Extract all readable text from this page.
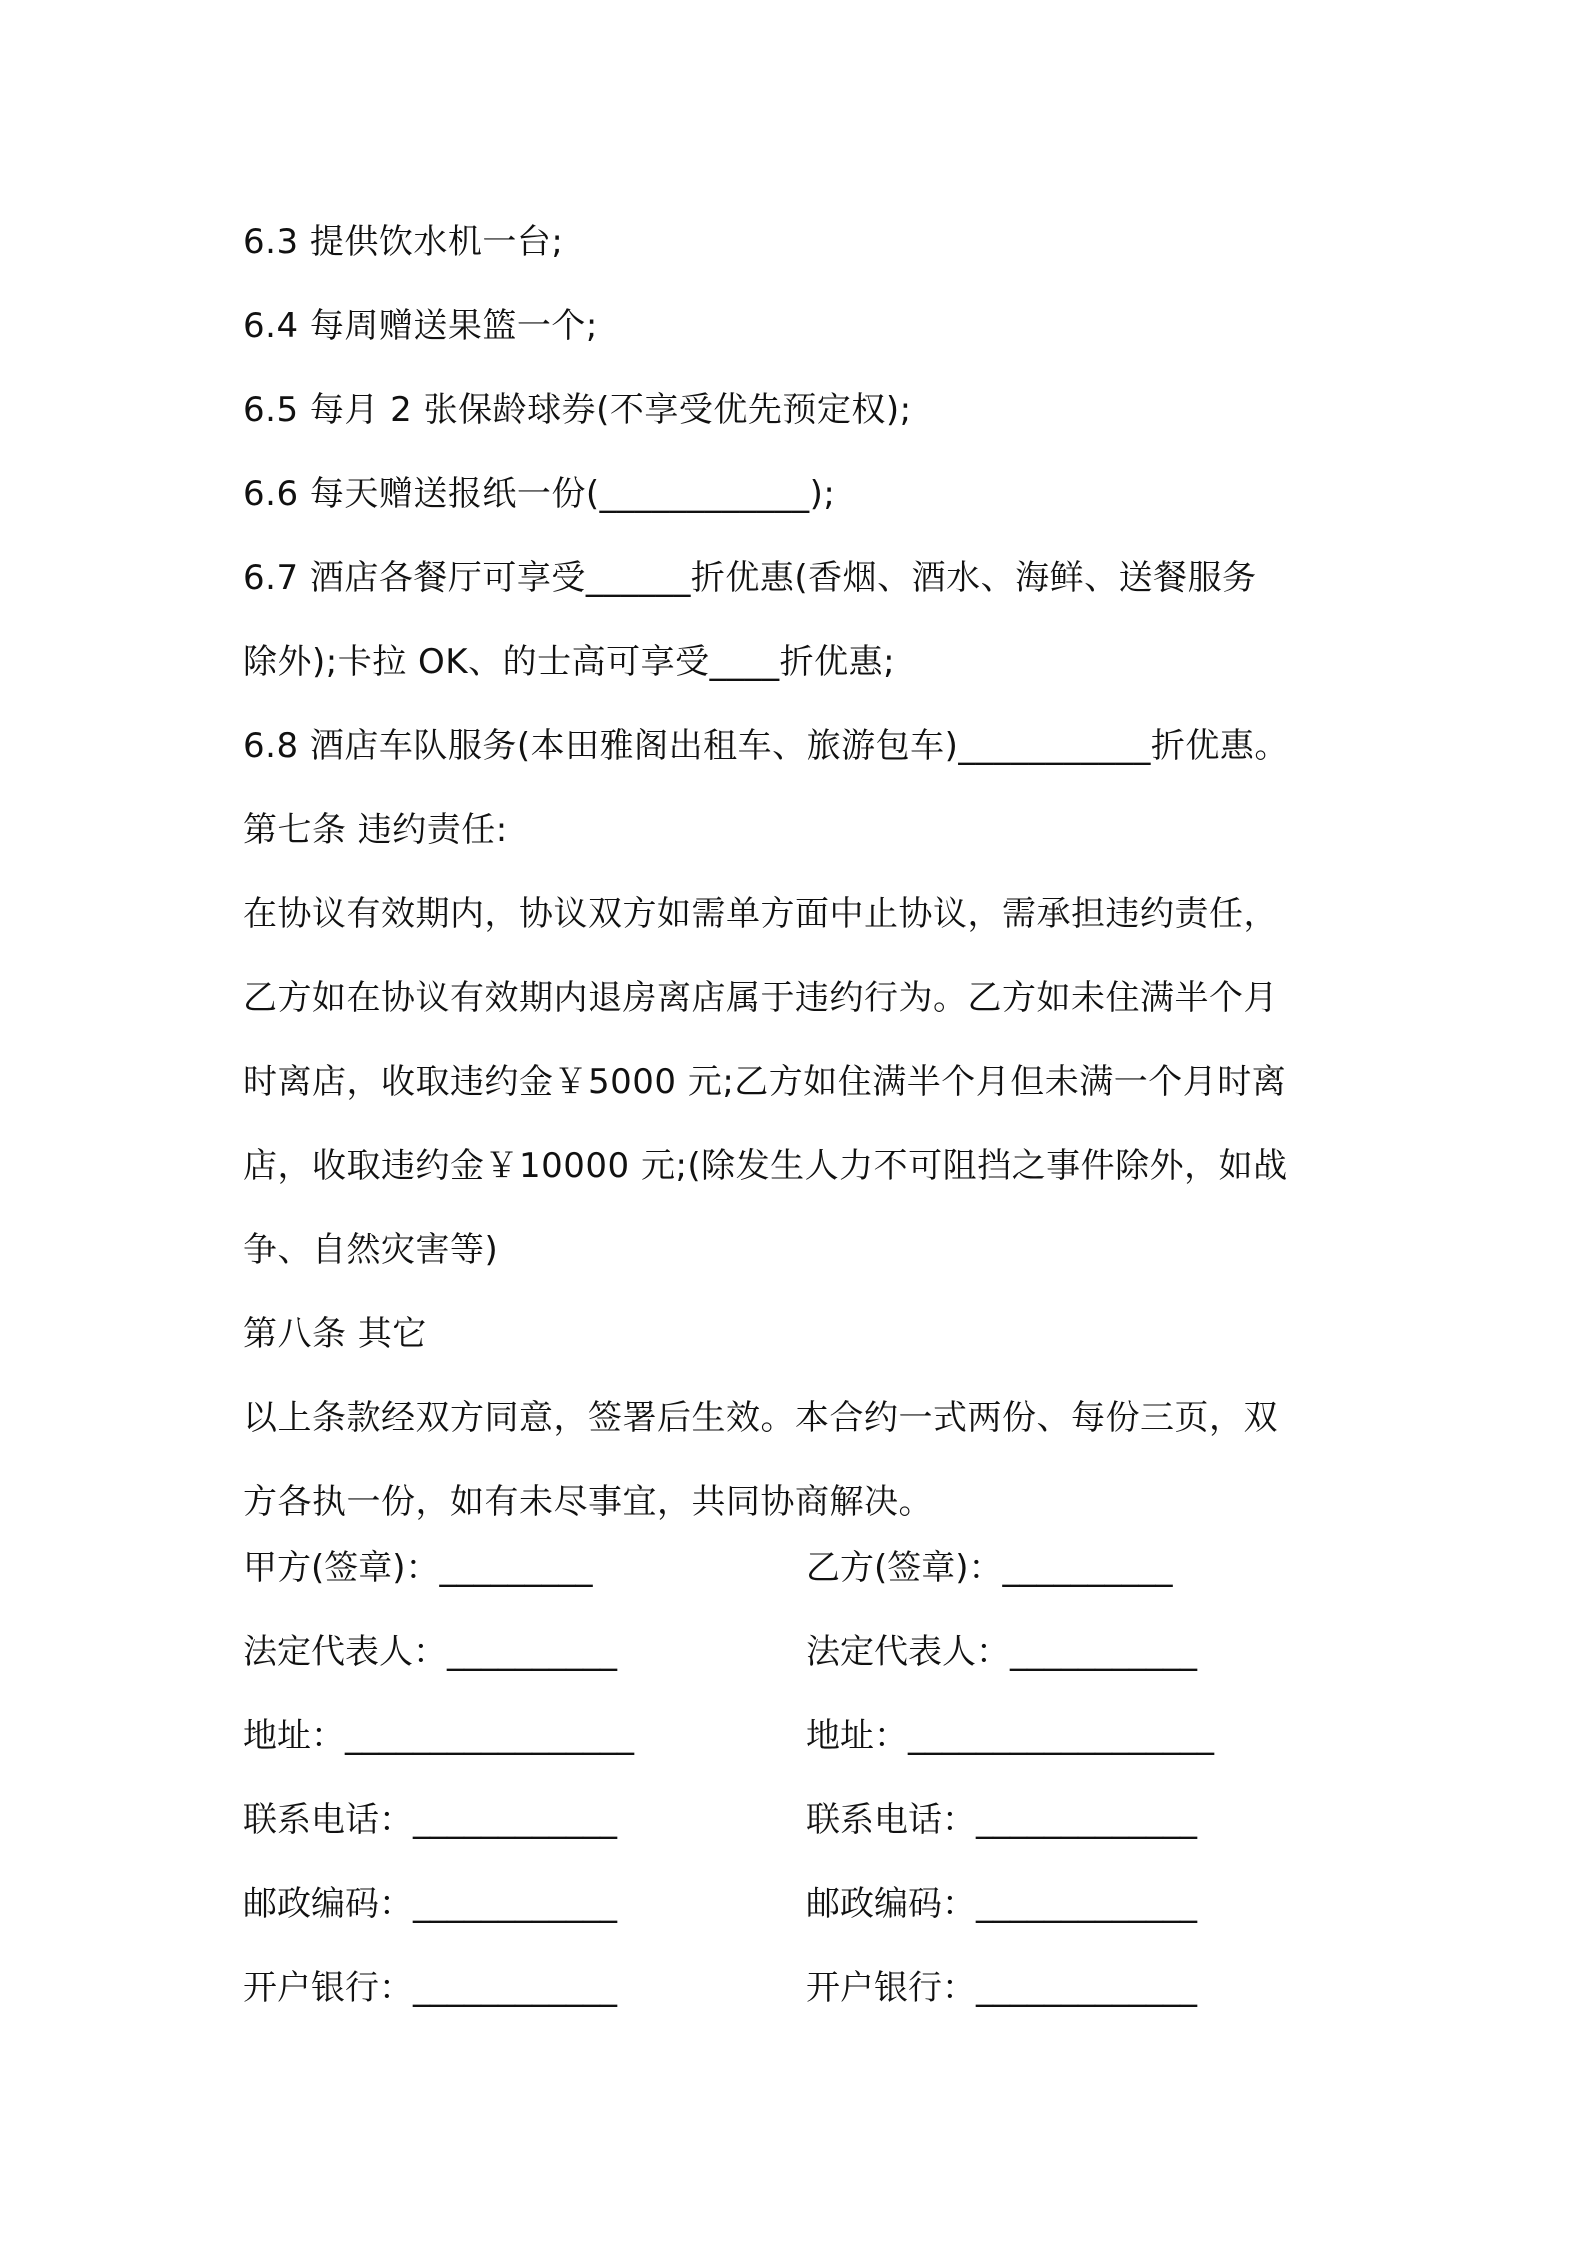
6.3 提供饮水机一台;
6.4 每周赠送果篮一个;
6.5 每月 2 张保龄球券(不享受优先预定权);
6.6 每天赠送报纸一份(____________);
6.7 酒店各餐厅可享受______折优惠(香烟、酒水、海鲜、送餐服务
除外);卡拉 OK、的士高可享受____折优惠;
6.8 酒店车队服务(本田雅阁出租车、旅游包车)___________折优惠。
第七条 违约责任:
在协议有效期内，协议双方如需单方面中止协议，需承担违约责任，
乙方如在协议有效期内退房离店属于违约行为。乙方如未住满半个月
时离店，收取违约金￥5000 元;乙方如住满半个月但未满一个月时离
店，收取违约金￥10000 元;(除发生人力不可阻挡之事件除外，如战
争、自然灾害等)
第八条 其它
以上条款经双方同意，签署后生效。本合约一式两份、每份三页，双
方各执一份，如有未尽事宜，共同协商解决。
甲方(签章)：_________	乙方(签章)：__________
法定代表人：__________	法定代表人：___________
地址：_________________	地址：__________________
联系电话：____________	联系电话：_____________
邮政编码：____________	邮政编码：_____________
开户银行：____________	开户银行：_____________
